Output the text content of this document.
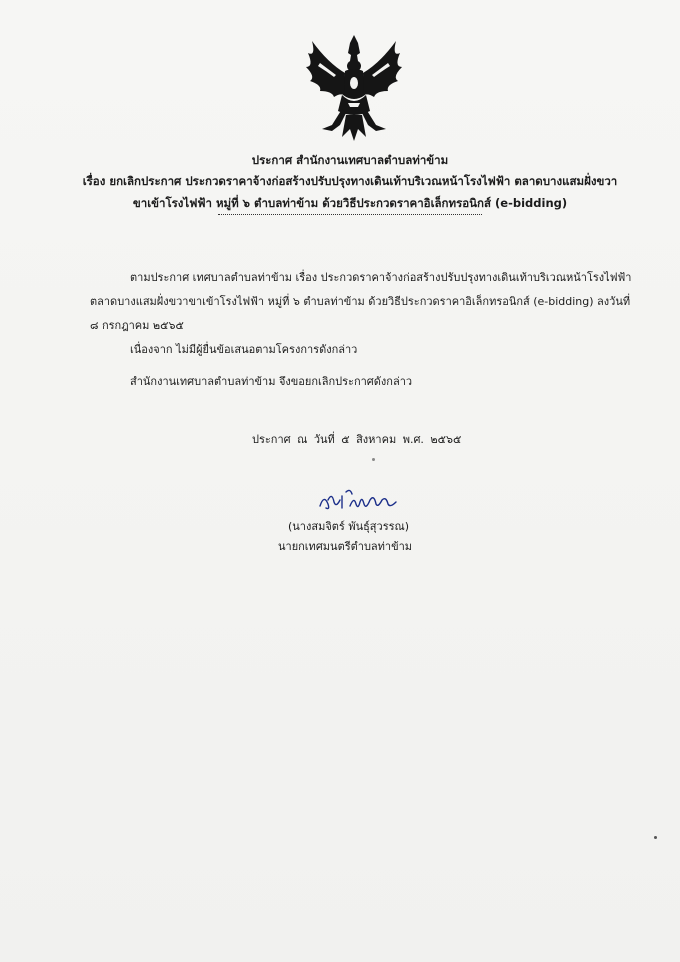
ประกาศ สำนักงานเทศบาลตำบลท่าข้าม
เรื่อง ยกเลิกประกาศ ประกวดราคาจ้างก่อสร้างปรับปรุงทางเดินเท้าบริเวณหน้าโรงไฟฟ้า ตลาดบางแสมฝั่งขวา
ขาเข้าโรงไฟฟ้า หมู่ที่ ๖ ตำบลท่าข้าม ด้วยวิธีประกวดราคาอิเล็กทรอนิกส์ (e-bidding)
ตามประกาศ เทศบาลตำบลท่าข้าม เรื่อง ประกวดราคาจ้างก่อสร้างปรับปรุงทางเดินเท้าบริเวณหน้าโรงไฟฟ้า
ตลาดบางแสมฝั่งขวาขาเข้าโรงไฟฟ้า หมู่ที่ ๖ ตำบลท่าข้าม ด้วยวิธีประกวดราคาอิเล็กทรอนิกส์ (e-bidding) ลงวันที่
๘ กรกฎาคม ๒๕๖๕
เนื่องจาก ไม่มีผู้ยื่นข้อเสนอตามโครงการดังกล่าว
สำนักงานเทศบาลตำบลท่าข้าม จึงขอยกเลิกประกาศดังกล่าว
ประกาศ ณ วันที่ ๕ สิงหาคม พ.ศ. ๒๕๖๕
(นางสมจิตร์ พันธุ์สุวรรณ)
นายกเทศมนตรีตำบลท่าข้าม
